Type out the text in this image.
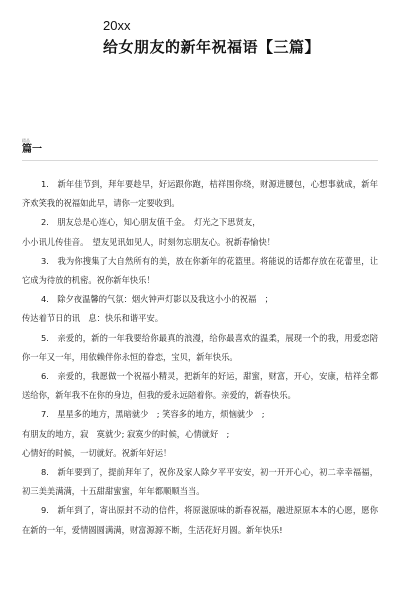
20xx
给女朋友的新年祝福语【三篇】
精品
篇一

1.　新年佳节到，拜年要趁早，好运跟你跑，桔祥围你绕，财源进腰包，心想事就成，新年齐欢笑我的祝福如此早，请你一定要收到。

2.　朋友总是心连心，知心朋友值千金。　灯光之下思贤友，

小小讯儿传佳音。　望友见讯如见人，时刻勿忘朋友心。祝新春愉快！

3.　我为你搜集了大自然所有的美，放在你新年的花篮里。将能说的话都存放在花蕾里，让它成为待放的机密。祝你新年快乐！

4.　除夕夜温馨的气氛：烟火钟声灯影以及我这小小的祝福　；

传达着节日的讯　息：快乐和谐平安。

5.　亲爱的，新的一年我要给你最真的浪漫，给你最喜欢的温柔，展现一个的我，用爱恋陪你一年又一年，用依赖伴你永恒的眷恋，宝贝，新年快乐。

6.　亲爱的，我愿做一个祝福小精灵，把新年的好运，甜蜜，财富，开心，安康，桔祥全都送给你，新年我不在你的身边，但我的爱永远陪着你。亲爱的，新春快乐。

7.　星星多的地方，黑暗就少　; 笑容多的地方，烦恼就少　;

有朋友的地方，寂　寞就少; 寂寞少的时候，心情就好　;

心情好的时候，一切就好。祝新年好运！

8.　新年要到了，提前拜年了，祝你及家人除夕平平安安，初一开开心心，初二幸幸福福，初三美美满满，十五甜甜蜜蜜，年年都顺顺当当。

9.　新年到了，寄出原封不动的信件，将原滋原味的新春祝福，融进原原本本的心愿，愿你在新的一年，爱情圆圆满满，财富源源不断，生活花好月圆。新年快乐!
